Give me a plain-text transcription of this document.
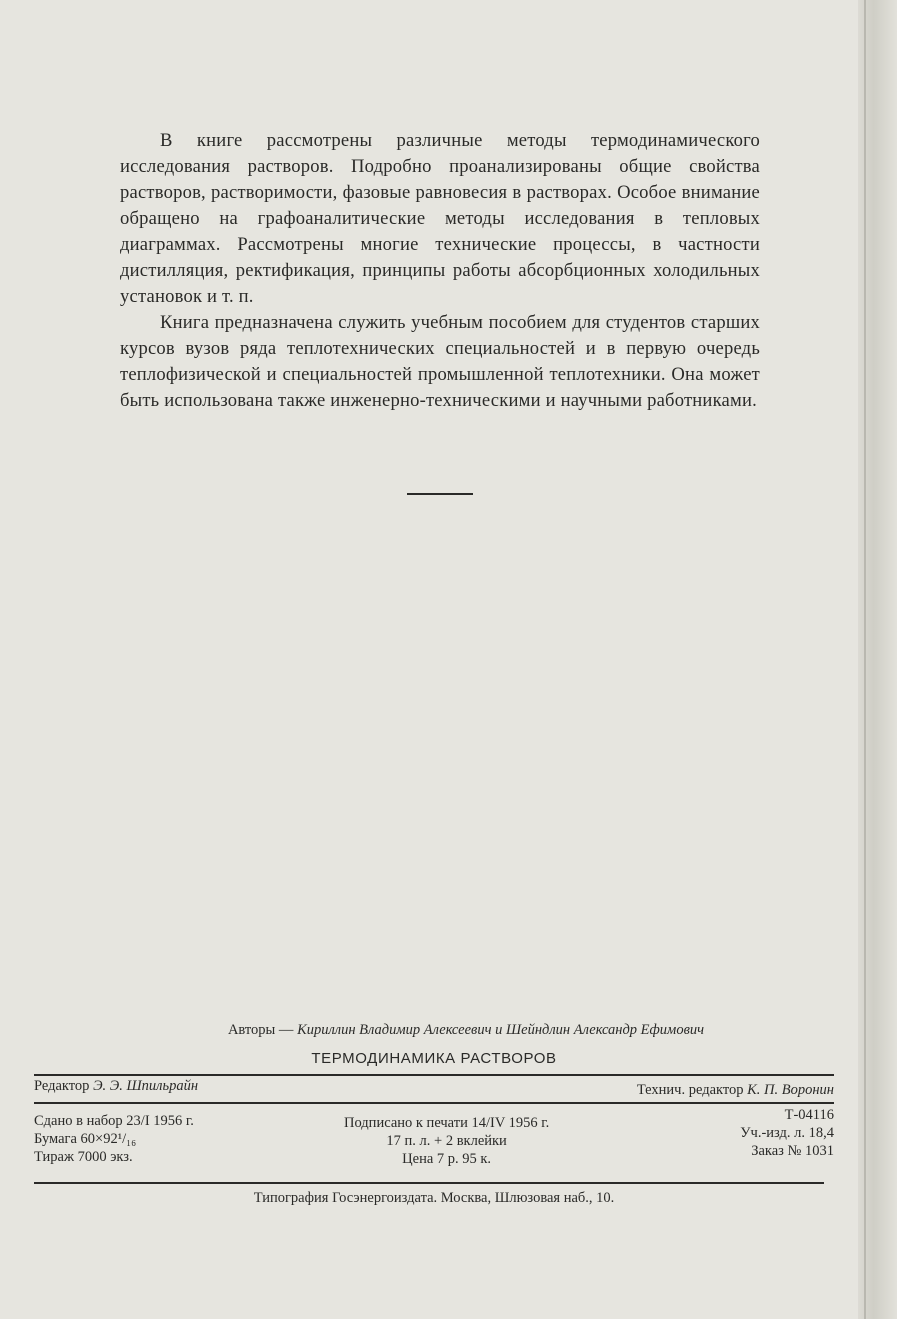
В книге рассмотрены различные методы термодинамического исследования растворов. Подробно проанализированы общие свойства растворов, растворимости, фазовые равновесия в растворах. Особое внимание обращено на графоаналитические методы исследования в тепловых диаграммах. Рассмотрены многие технические процессы, в частности дистилляция, ректификация, принципы работы абсорбционных холодильных установок и т. п.

Книга предназначена служить учебным пособием для студентов старших курсов вузов ряда теплотехнических специальностей и в первую очередь теплофизической и специальностей промышленной теплотехники. Она может быть использована также инженерно-техническими и научными работниками.

Авторы — Кириллин Владимир Алексеевич и Шейндлин Александр Ефимович
ТЕРМОДИНАМИКА РАСТВОРОВ
Редактор Э. Э. Шпильрайн	Технич. редактор К. П. Воронин
Сдано в набор 23/I 1956 г.
Бумага 60×92¹/₁₆
Тираж 7000 экз.
Подписано к печати 14/IV 1956 г.
17 п. л. + 2 вклейки
Цена 7 р. 95 к.
Т-04116
Уч.-изд. л. 18,4
Заказ № 1031
Типография Госэнергоиздата. Москва, Шлюзовая наб., 10.
